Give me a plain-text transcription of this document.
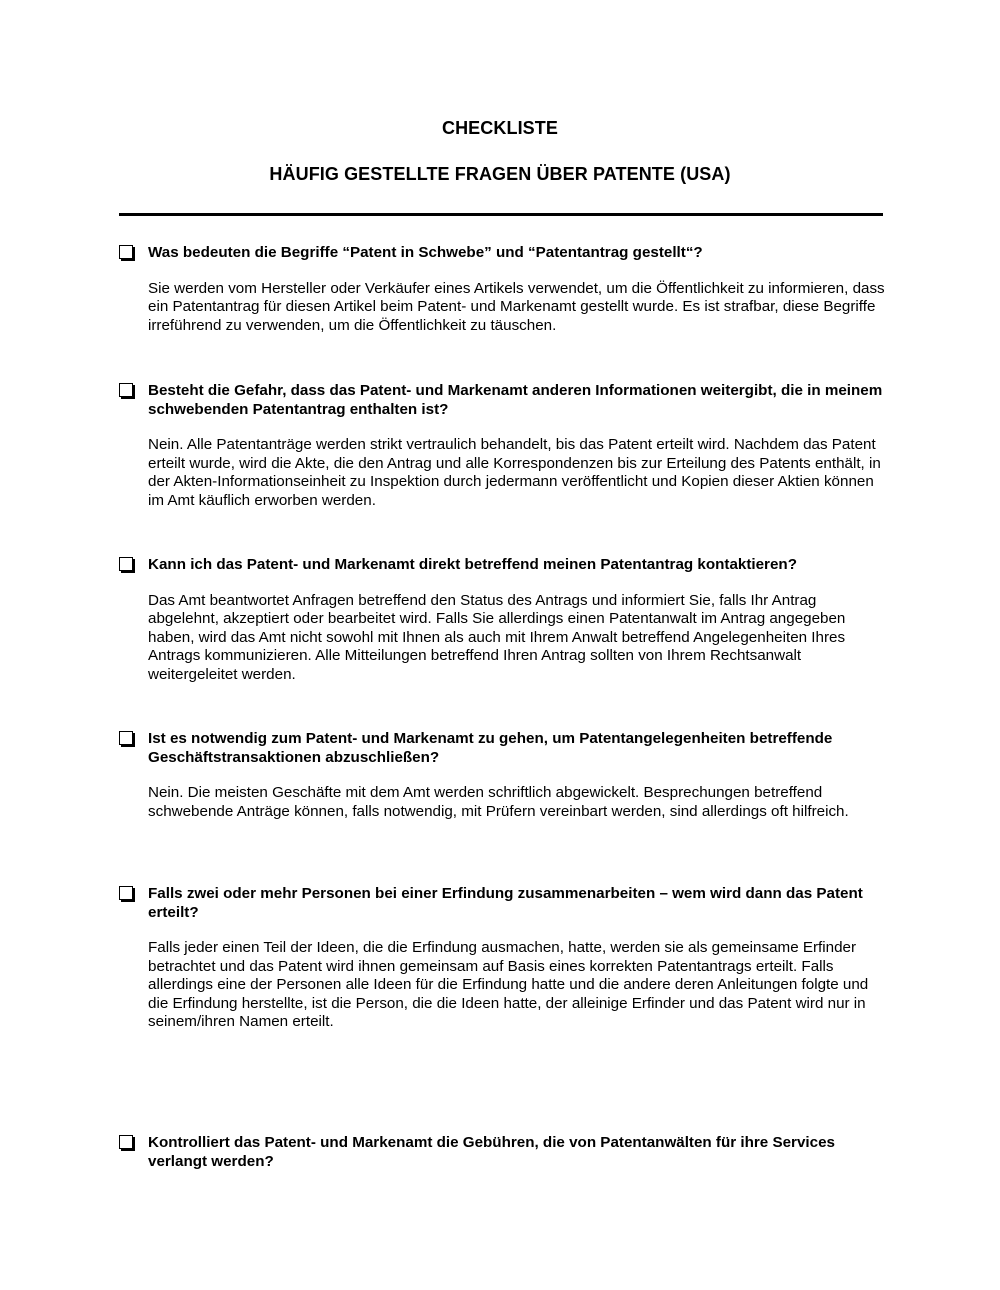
CHECKLISTE
HÄUFIG GESTELLTE FRAGEN ÜBER PATENTE (USA)

Was bedeuten die Begriffe “Patent in Schwebe” und “Patentantrag gestellt“?

Sie werden vom Hersteller oder Verkäufer eines Artikels verwendet, um die Öffentlichkeit zu informieren, dass ein Patentantrag für diesen Artikel beim Patent- und Markenamt gestellt wurde. Es ist strafbar, diese Begriffe irreführend zu verwenden, um die Öffentlichkeit zu täuschen.

Besteht die Gefahr, dass das Patent- und Markenamt anderen Informationen weitergibt, die in meinem schwebenden Patentantrag enthalten ist?

Nein. Alle Patentanträge werden strikt vertraulich behandelt, bis das Patent erteilt wird. Nachdem das Patent erteilt wurde, wird die Akte, die den Antrag und alle Korrespondenzen bis zur Erteilung des Patents enthält, in der Akten-Informationseinheit zu Inspektion durch jedermann veröffentlicht und Kopien dieser Aktien können im Amt käuflich erworben werden.

Kann ich das Patent- und Markenamt direkt betreffend meinen Patentantrag kontaktieren?

Das Amt beantwortet Anfragen betreffend den Status des Antrags und informiert Sie, falls Ihr Antrag abgelehnt, akzeptiert oder bearbeitet wird. Falls Sie allerdings einen Patentanwalt im Antrag angegeben haben, wird das Amt nicht sowohl mit Ihnen als auch mit Ihrem Anwalt betreffend Angelegenheiten Ihres Antrags kommunizieren. Alle Mitteilungen betreffend Ihren Antrag sollten von Ihrem Rechtsanwalt weitergeleitet werden.

Ist es notwendig zum Patent- und Markenamt zu gehen, um Patentangelegenheiten betreffende Geschäftstransaktionen abzuschließen?

Nein. Die meisten Geschäfte mit dem Amt werden schriftlich abgewickelt. Besprechungen betreffend schwebende Anträge können, falls notwendig, mit Prüfern vereinbart werden, sind allerdings oft hilfreich.

Falls zwei oder mehr Personen bei einer Erfindung zusammenarbeiten – wem wird dann das Patent erteilt?

Falls jeder einen Teil der Ideen, die die Erfindung ausmachen, hatte, werden sie als gemeinsame Erfinder betrachtet und das Patent wird ihnen gemeinsam auf Basis eines korrekten Patentantrags erteilt. Falls allerdings eine der Personen alle Ideen für die Erfindung hatte und die andere deren Anleitungen folgte und die Erfindung herstellte, ist die Person, die die Ideen hatte, der alleinige Erfinder und das Patent wird nur in seinem/ihren Namen erteilt.

Kontrolliert das Patent- und Markenamt die Gebühren, die von Patentanwälten für ihre Services verlangt werden?
